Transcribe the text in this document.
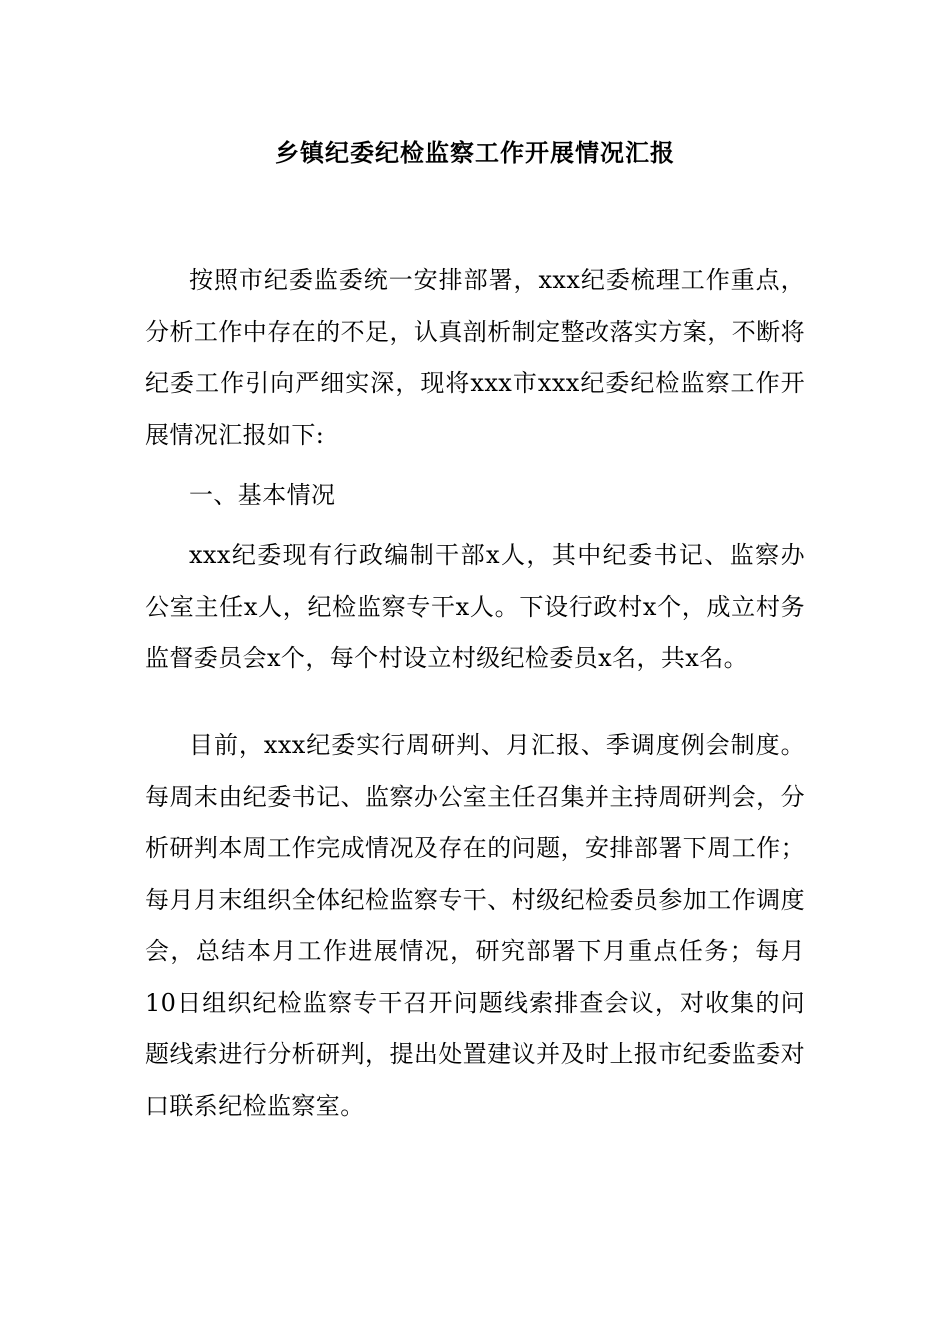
乡镇纪委纪检监察工作开展情况汇报

按照市纪委监委统一安排部署，xxx纪委梳理工作重点，分析工作中存在的不足，认真剖析制定整改落实方案，不断将纪委工作引向严细实深，现将xxx市xxx纪委纪检监察工作开展情况汇报如下:

一、基本情况

xxx纪委现有行政编制干部x人，其中纪委书记、监察办公室主任x人，纪检监察专干x人。下设行政村x个，成立村务监督委员会x个，每个村设立村级纪检委员x名，共x名。

目前，xxx纪委实行周研判、月汇报、季调度例会制度。每周末由纪委书记、监察办公室主任召集并主持周研判会，分析研判本周工作完成情况及存在的问题，安排部署下周工作；每月月末组织全体纪检监察专干、村级纪检委员参加工作调度会，总结本月工作进展情况，研究部署下月重点任务；每月10日组织纪检监察专干召开问题线索排查会议，对收集的问题线索进行分析研判，提出处置建议并及时上报市纪委监委对口联系纪检监察室。
